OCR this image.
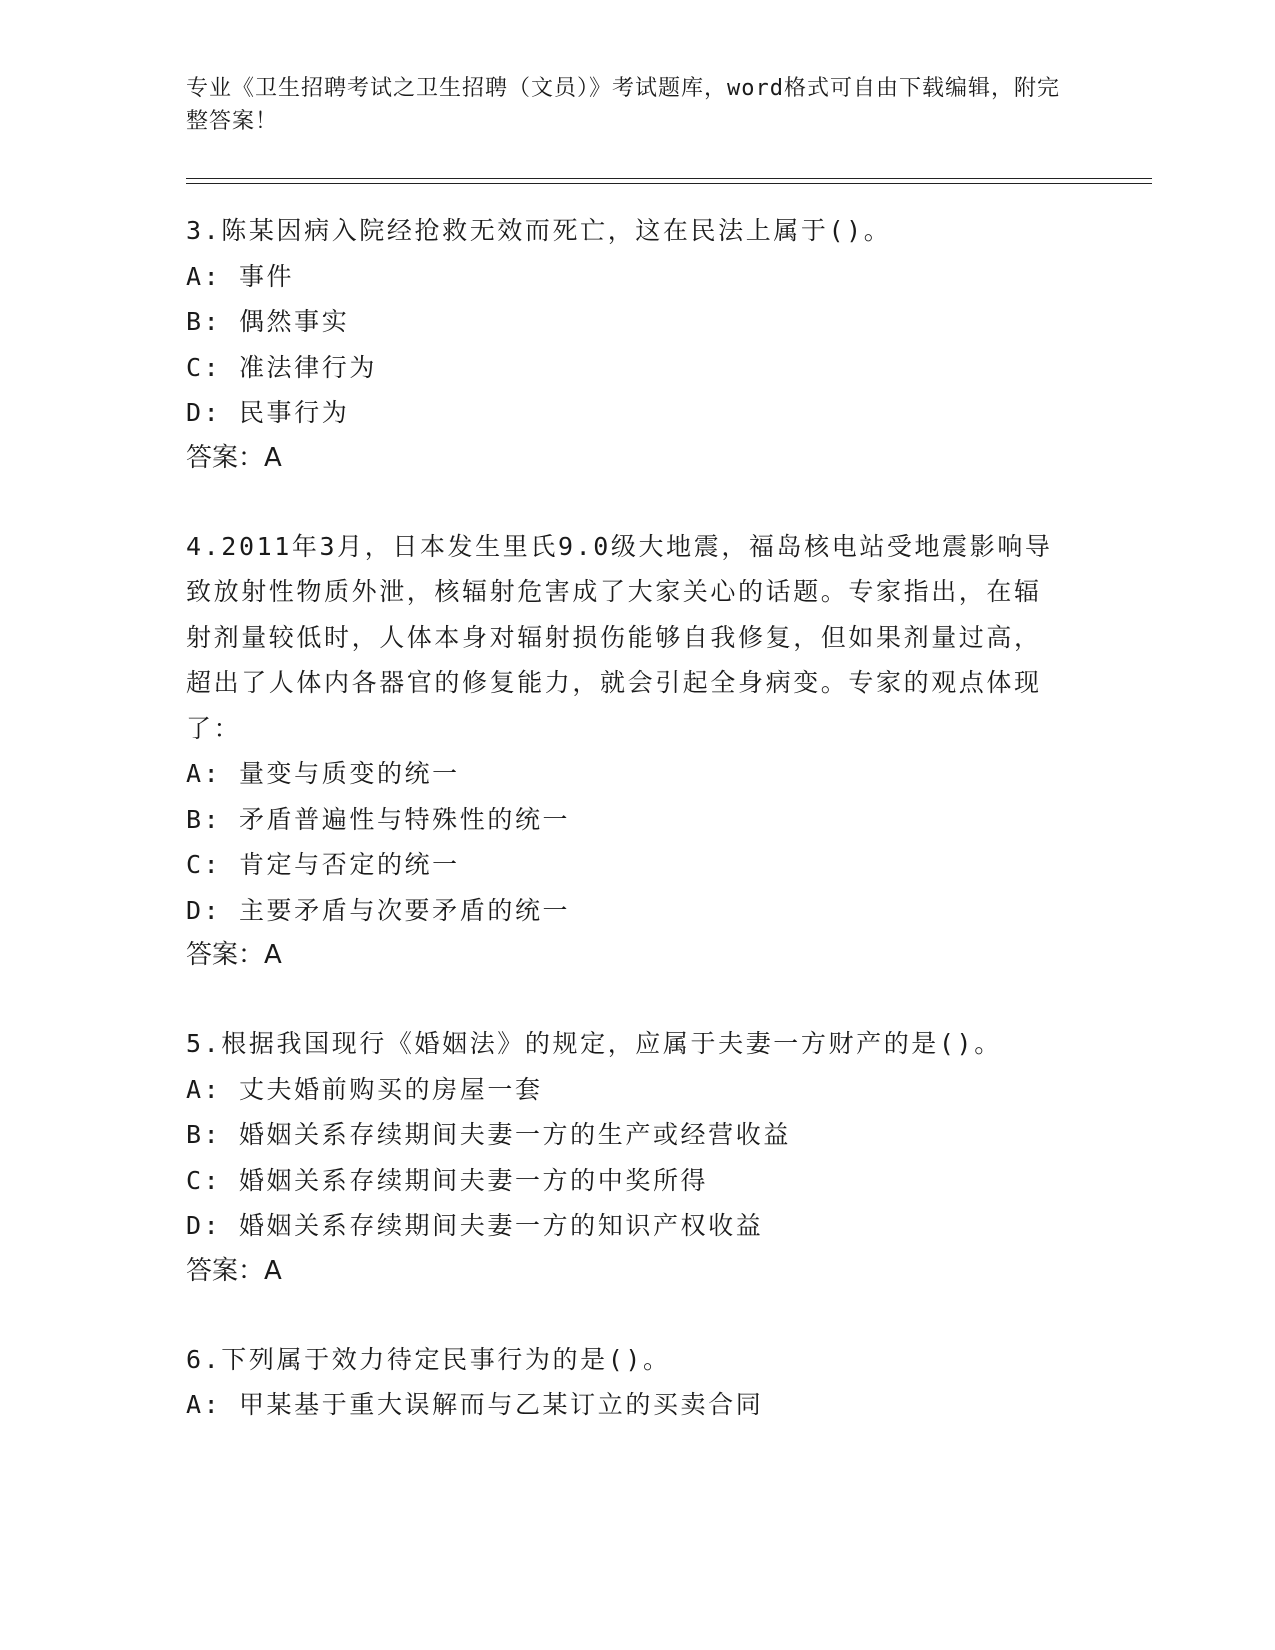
专业《卫生招聘考试之卫生招聘（文员）》考试题库，word格式可自由下载编辑，附完整答案！
3.陈某因病入院经抢救无效而死亡，这在民法上属于()。
A: 事件
B: 偶然事实
C: 准法律行为
D: 民事行为
答案：A
4.2011年3月，日本发生里氏9.0级大地震，福岛核电站受地震影响导致放射性物质外泄，核辐射危害成了大家关心的话题。专家指出，在辐射剂量较低时，人体本身对辐射损伤能够自我修复，但如果剂量过高，超出了人体内各器官的修复能力，就会引起全身病变。专家的观点体现了：
A: 量变与质变的统一
B: 矛盾普遍性与特殊性的统一
C: 肯定与否定的统一
D: 主要矛盾与次要矛盾的统一
答案：A
5.根据我国现行《婚姻法》的规定，应属于夫妻一方财产的是()。
A: 丈夫婚前购买的房屋一套
B: 婚姻关系存续期间夫妻一方的生产或经营收益
C: 婚姻关系存续期间夫妻一方的中奖所得
D: 婚姻关系存续期间夫妻一方的知识产权收益
答案：A
6.下列属于效力待定民事行为的是()。
A: 甲某基于重大误解而与乙某订立的买卖合同
